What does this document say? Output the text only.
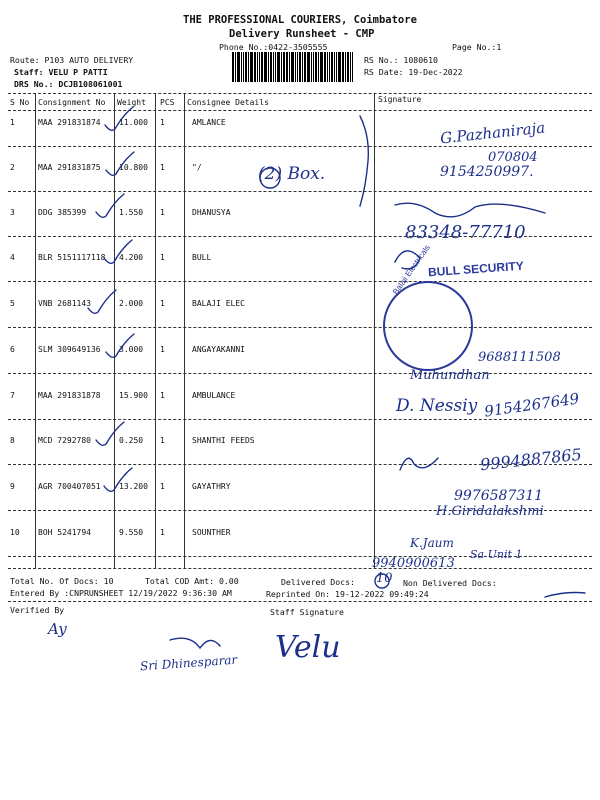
THE PROFESSIONAL COURIERS, Coimbatore
Delivery Runsheet - CMP
Phone No.:0422-3505555	Page No.:1
Route: P103 AUTO DELIVERY
Staff: VELU P PATTI
DRS No.: DCJB108061001
RS No.: 1080610
RS Date: 19-Dec-2022
S No Consignment No Weight PCS Consignee Details	Signature
1	MAA 291831874 11.000 1	AMLANCE
2	MAA 291831875 10.800 1	"/
3	DDG 385399	1.550 1	DHANUSYA
4	BLR 5151117118 4.200 1	BULL
5	VNB 2681143	2.000 1	BALAJI ELEC
6	SLM 309649136 3.000 1	ANGAYAKANNI
7	MAA 291831878 15.900 1	AMBULANCE
8	MCD 7292780	0.250 1	SHANTHI FEEDS
9	AGR 700407051 13.200 1	GAYATHRY
10 BOH 5241794	9.550 1	SOUNTHER
Total No. Of Docs: 10	Total COD Amt: 0.00	Delivered Docs:	Non Delivered Docs:
Entered By :CNPRUNSHEET 12/19/2022 9:36:30 AM	Reprinted On: 19-12-2022 09:49:24
Verified By	Staff Signature
(2) Box.
G.Pazhaniraja
070804
9154250997.
83348-77710
BULL SECURITY
Balaji Electricals
9688111508
Muhundhan
D. Nessiy 9154267649
9994887865
9976587311
H.Giridalakshmi
K.Jaum
Sa Unit 1
9940900613
10
Ay
Sri Dhinesparar Velu
